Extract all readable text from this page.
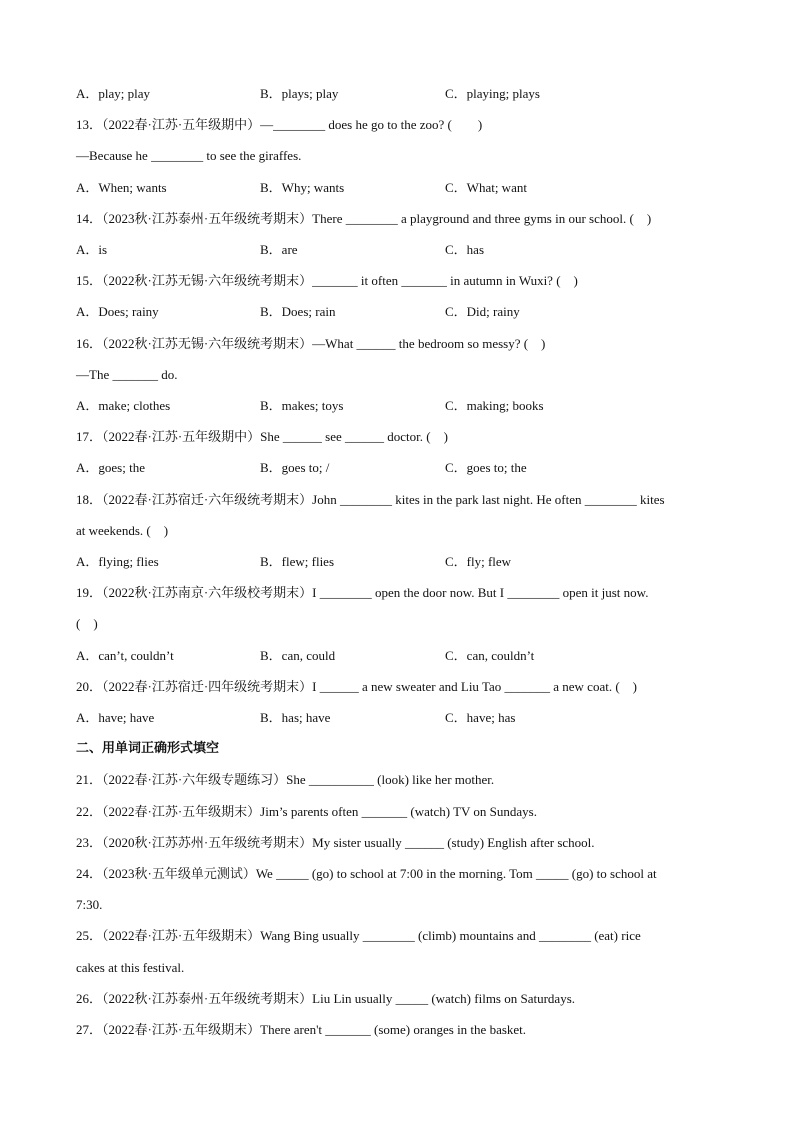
A．play; play	B．plays; play	C．playing; plays
13．（2022春·江苏·五年级期中）—________ does he go to the zoo? (　　)
—Because he ________ to see the giraffes.
A．When; wants	B．Why; wants	C．What; want
14．（2023秋·江苏泰州·五年级统考期末）There ________ a playground and three gyms in our school. (　)
A．is	B．are	C．has
15．（2022秋·江苏无锡·六年级统考期末）_______ it often _______ in autumn in Wuxi? (　)
A．Does; rainy	B．Does; rain	C．Did; rainy
16．（2022秋·江苏无锡·六年级统考期末）—What ______ the bedroom so messy? (　)
—The _______ do.
A．make; clothes	B．makes; toys	C．making; books
17．（2022春·江苏·五年级期中）She ______ see ______ doctor. (　)
A．goes; the	B．goes to; /	C．goes to; the
18．（2022春·江苏宿迁·六年级统考期末）John ________ kites in the park last night. He often ________ kites
at weekends. (　)
A．flying; flies	B．flew; flies	C．fly; flew
19．（2022秋·江苏南京·六年级校考期末）I ________ open the door now. But I ________ open it just now.
(　)
A．can’t, couldn’t	B．can, could	C．can, couldn’t
20．（2022春·江苏宿迁·四年级统考期末）I ______ a new sweater and Liu Tao _______ a new coat. (　)
A．have; have	B．has; have	C．have; has
二、用单词正确形式填空
21．（2022春·江苏·六年级专题练习）She __________ (look) like her mother.
22．（2022春·江苏·五年级期末）Jim’s parents often _______ (watch) TV on Sundays.
23．（2020秋·江苏苏州·五年级统考期末）My sister usually ______ (study) English after school.
24．（2023秋·五年级单元测试）We _____ (go) to school at 7:00 in the morning. Tom _____ (go) to school at
7:30.
25．（2022春·江苏·五年级期末）Wang Bing usually ________ (climb) mountains and ________ (eat) rice
cakes at this festival.
26．（2022秋·江苏泰州·五年级统考期末）Liu Lin usually _____ (watch) films on Saturdays.
27．（2022春·江苏·五年级期末）There aren't _______ (some) oranges in the basket.
